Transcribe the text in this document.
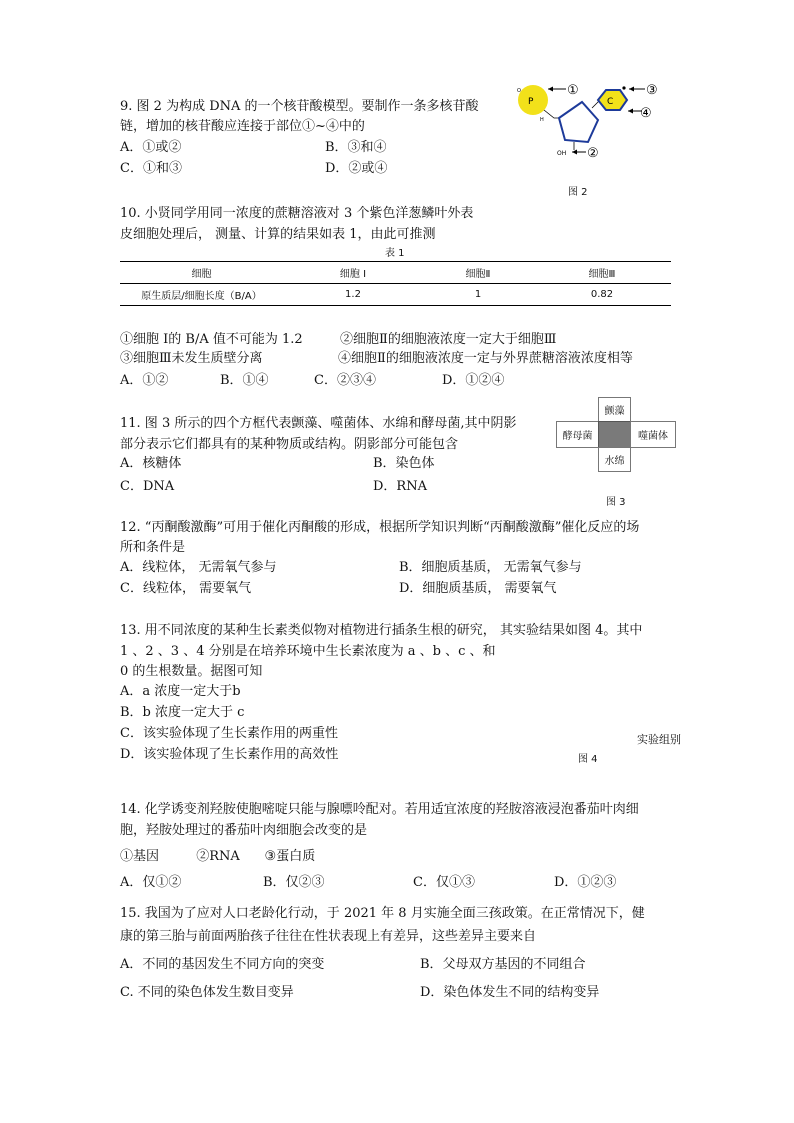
9. 图 2 为构成 DNA 的一个核苷酸模型。要制作一条多核苷酸
链，增加的核苷酸应连接于部位①~④中的
A．①或②	B．③和④
C．①和③	D．②或④
P
O	①
H
C
③
④
OH ②
图 2
10. 小贤同学用同一浓度的蔗糖溶液对 3 个紫色洋葱鳞叶外表
皮细胞处理后， 测量、计算的结果如表 1，由此可推测
表 1
细胞	细胞 Ⅰ	细胞Ⅱ	细胞Ⅲ
原生质层/细胞长度（B/A）	1.2	1	0.82
①细胞 Ⅰ的 B/A 值不可能为 1.2	②细胞Ⅱ的细胞液浓度一定大于细胞Ⅲ
③细胞Ⅲ未发生质壁分离	④细胞Ⅱ的细胞液浓度一定与外界蔗糖溶液浓度相等
A．①②	B．①④	C．②③④	D．①②④
11. 图 3 所示的四个方框代表颤藻、噬菌体、水绵和酵母菌,其中阴影
部分表示它们都具有的某种物质或结构。阴影部分可能包含
A．核糖体	B．染色体
C．DNA	D．RNA
颤藻
酵母菌	噬菌体
水绵
图 3
12. “丙酮酸激酶”可用于催化丙酮酸的形成，根据所学知识判断“丙酮酸激酶”催化反应的场
所和条件是
A．线粒体， 无需氧气参与	B．细胞质基质， 无需氧气参与
C．线粒体， 需要氧气	D．细胞质基质， 需要氧气
13. 用不同浓度的某种生长素类似物对植物进行插条生根的研究， 其实验结果如图 4。其中
1 、2 、3 、4 分别是在培养环境中生长素浓度为 a 、b 、c 、和
0 的生根数量。据图可知
A．a 浓度一定大于b
B．b 浓度一定大于 c
C．该实验体现了生长素作用的两重性
D．该实验体现了生长素作用的高效性
实验组别
图 4
14. 化学诱变剂羟胺使胞嘧啶只能与腺嘌呤配对。若用适宜浓度的羟胺溶液浸泡番茄叶肉细
胞，羟胺处理过的番茄叶肉细胞会改变的是
①基因         ②RNA      ③蛋白质
A．仅①②	B．仅②③	C．仅①③	D．①②③
15. 我国为了应对人口老龄化行动，于 2021 年 8 月实施全面三孩政策。在正常情况下，健
康的第三胎与前面两胎孩子往往在性状表现上有差异，这些差异主要来自
A．不同的基因发生不同方向的突变	B．父母双方基因的不同组合
C. 不同的染色体发生数目变异	D．染色体发生不同的结构变异
